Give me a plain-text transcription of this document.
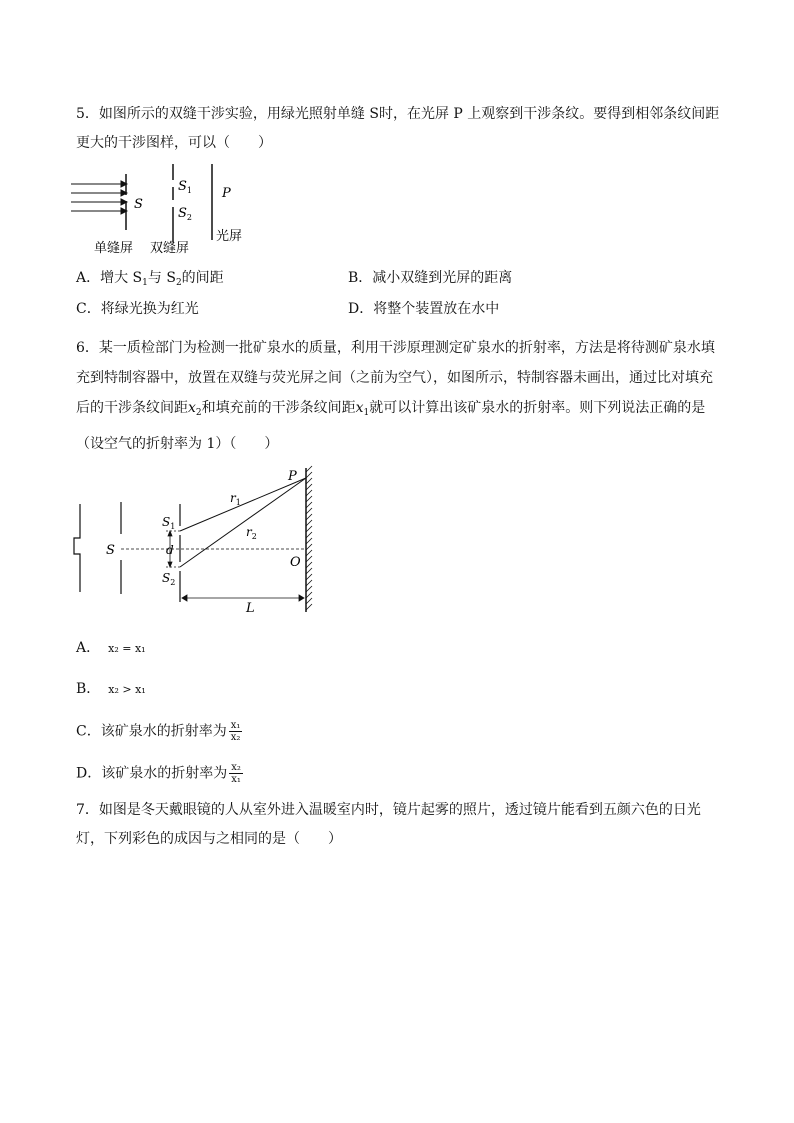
5．如图所示的双缝干涉实验，用绿光照射单缝 S时，在光屏 P 上观察到干涉条纹。要得到相邻条纹间距
更大的干涉图样，可以（　　）
S
$S_1$
$S_2$
P
单缝屏 双缝屏
光屏
A．增大 $S_1$与 $S_2$的间距	B．减小双缝到光屏的距离
C．将绿光换为红光	D．将整个装置放在水中
6．某一质检部门为检测一批矿泉水的质量，利用干涉原理测定矿泉水的折射率，方法是将待测矿泉水填
充到特制容器中，放置在双缝与荧光屏之间（之前为空气），如图所示，特制容器未画出，通过比对填充
后的干涉条纹间距$x_2$和填充前的干涉条纹间距$x_1$就可以计算出该矿泉水的折射率。则下列说法正确的是
（设空气的折射率为 1）（　　）
P
$r_1$
$r_2$
S
$S_1$
$S_2$
d
O
L
A． x₂ = x₁
B． x₂ > x₁
C．该矿泉水的折射率为 $\frac{\text{x₁}}{\text{x₂}}$
D．该矿泉水的折射率为 $\frac{\text{x₂}}{\text{x₁}}$
7．如图是冬天戴眼镜的人从室外进入温暖室内时，镜片起雾的照片，透过镜片能看到五颜六色的日光
灯，下列彩色的成因与之相同的是（　　）
